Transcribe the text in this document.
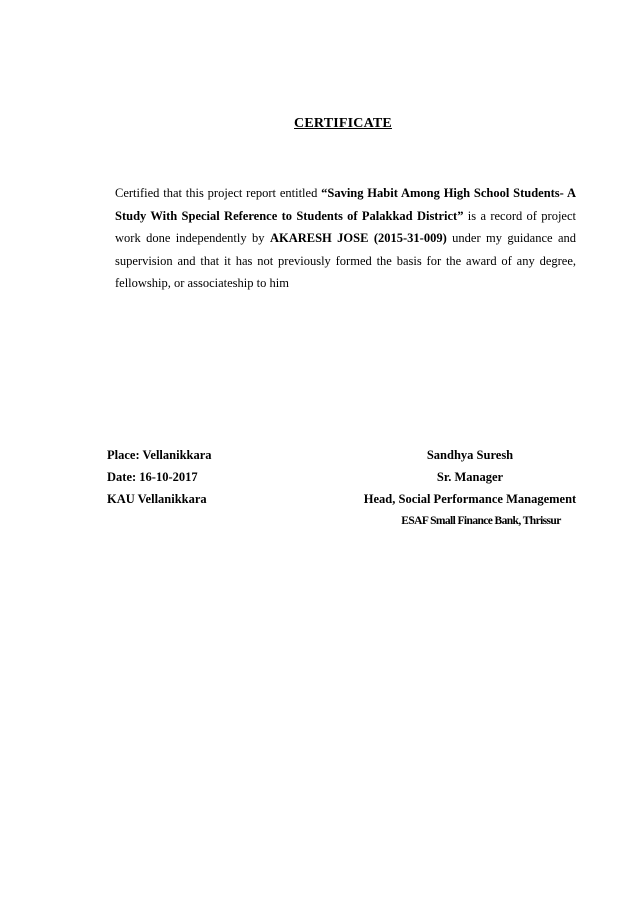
CERTIFICATE
Certified that this project report entitled “Saving Habit Among High School Students- A Study With Special Reference to Students of Palakkad District” is a record of project work done independently by AKARESH JOSE (2015-31-009) under my guidance and supervision and that it has not previously formed the basis for the award of any degree, fellowship, or associateship to him
Place: Vellanikkara
Date: 16-10-2017
KAU Vellanikkara
Sandhya Suresh
Sr. Manager
Head, Social Performance Management
ESAF Small Finance Bank, Thrissur
